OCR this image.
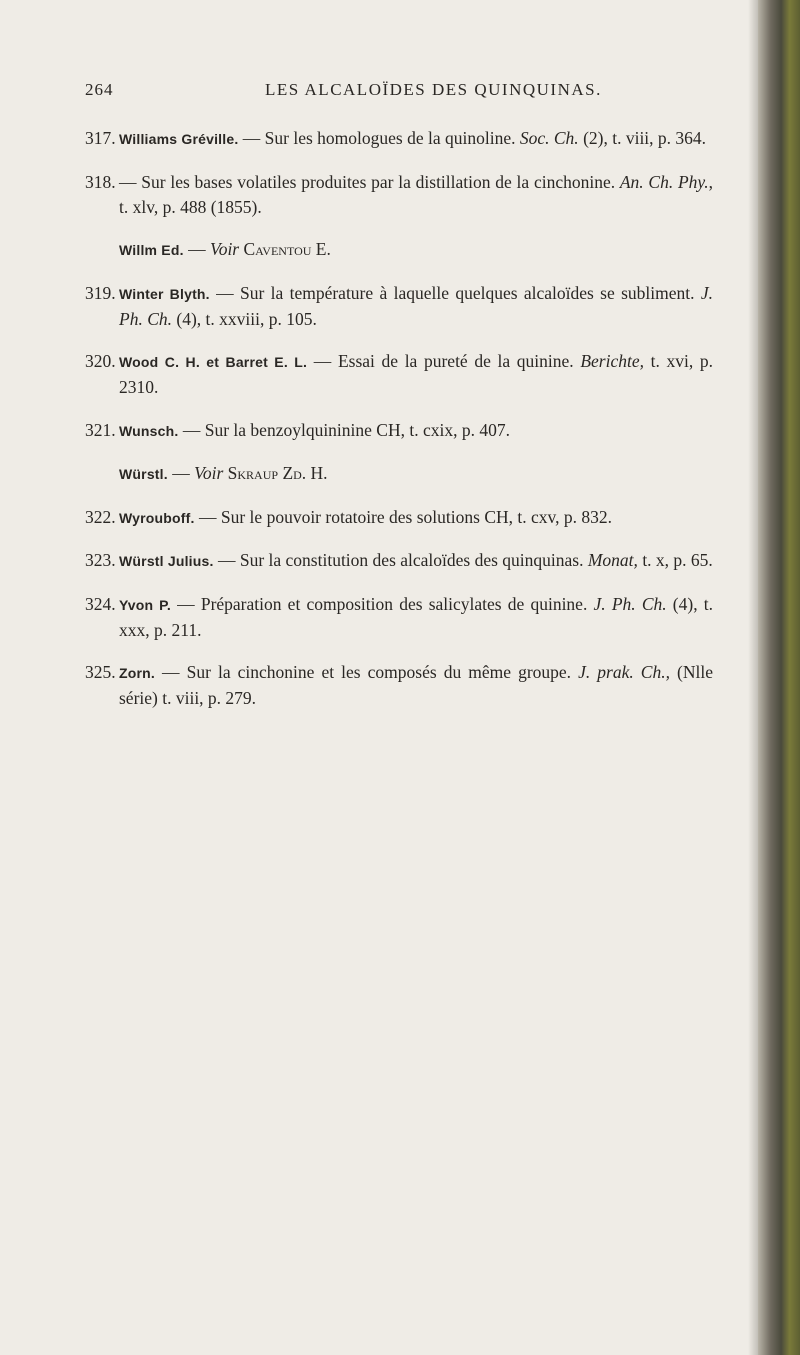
264	LES ALCALOÏDES DES QUINQUINAS.

317. Williams Gréville. — Sur les homologues de la quinoline. Soc. Ch. (2), t. viii, p. 364.

318. — Sur les bases volatiles produites par la distillation de la cinchonine. An. Ch. Phy., t. xlv, p. 488 (1855).

Willm Ed. — Voir Caventou E.

319. Winter Blyth. — Sur la température à laquelle quelques alcaloïdes se subliment. J. Ph. Ch. (4), t. xxviii, p. 105.

320. Wood C. H. et Barret E. L. — Essai de la pureté de la quinine. Berichte, t. xvi, p. 2310.

321. Wunsch. — Sur la benzoylquininine CH, t. cxix, p. 407.

Würstl. — Voir Skraup Zd. H.

322. Wyrouboff. — Sur le pouvoir rotatoire des solutions CH, t. cxv, p. 832.

323. Würstl Julius. — Sur la constitution des alcaloïdes des quinquinas. Monat, t. x, p. 65.

324. Yvon P. — Préparation et composition des salicylates de quinine. J. Ph. Ch. (4), t. xxx, p. 211.

325. Zorn. — Sur la cinchonine et les composés du même groupe. J. prak. Ch., (Nlle série) t. viii, p. 279.
